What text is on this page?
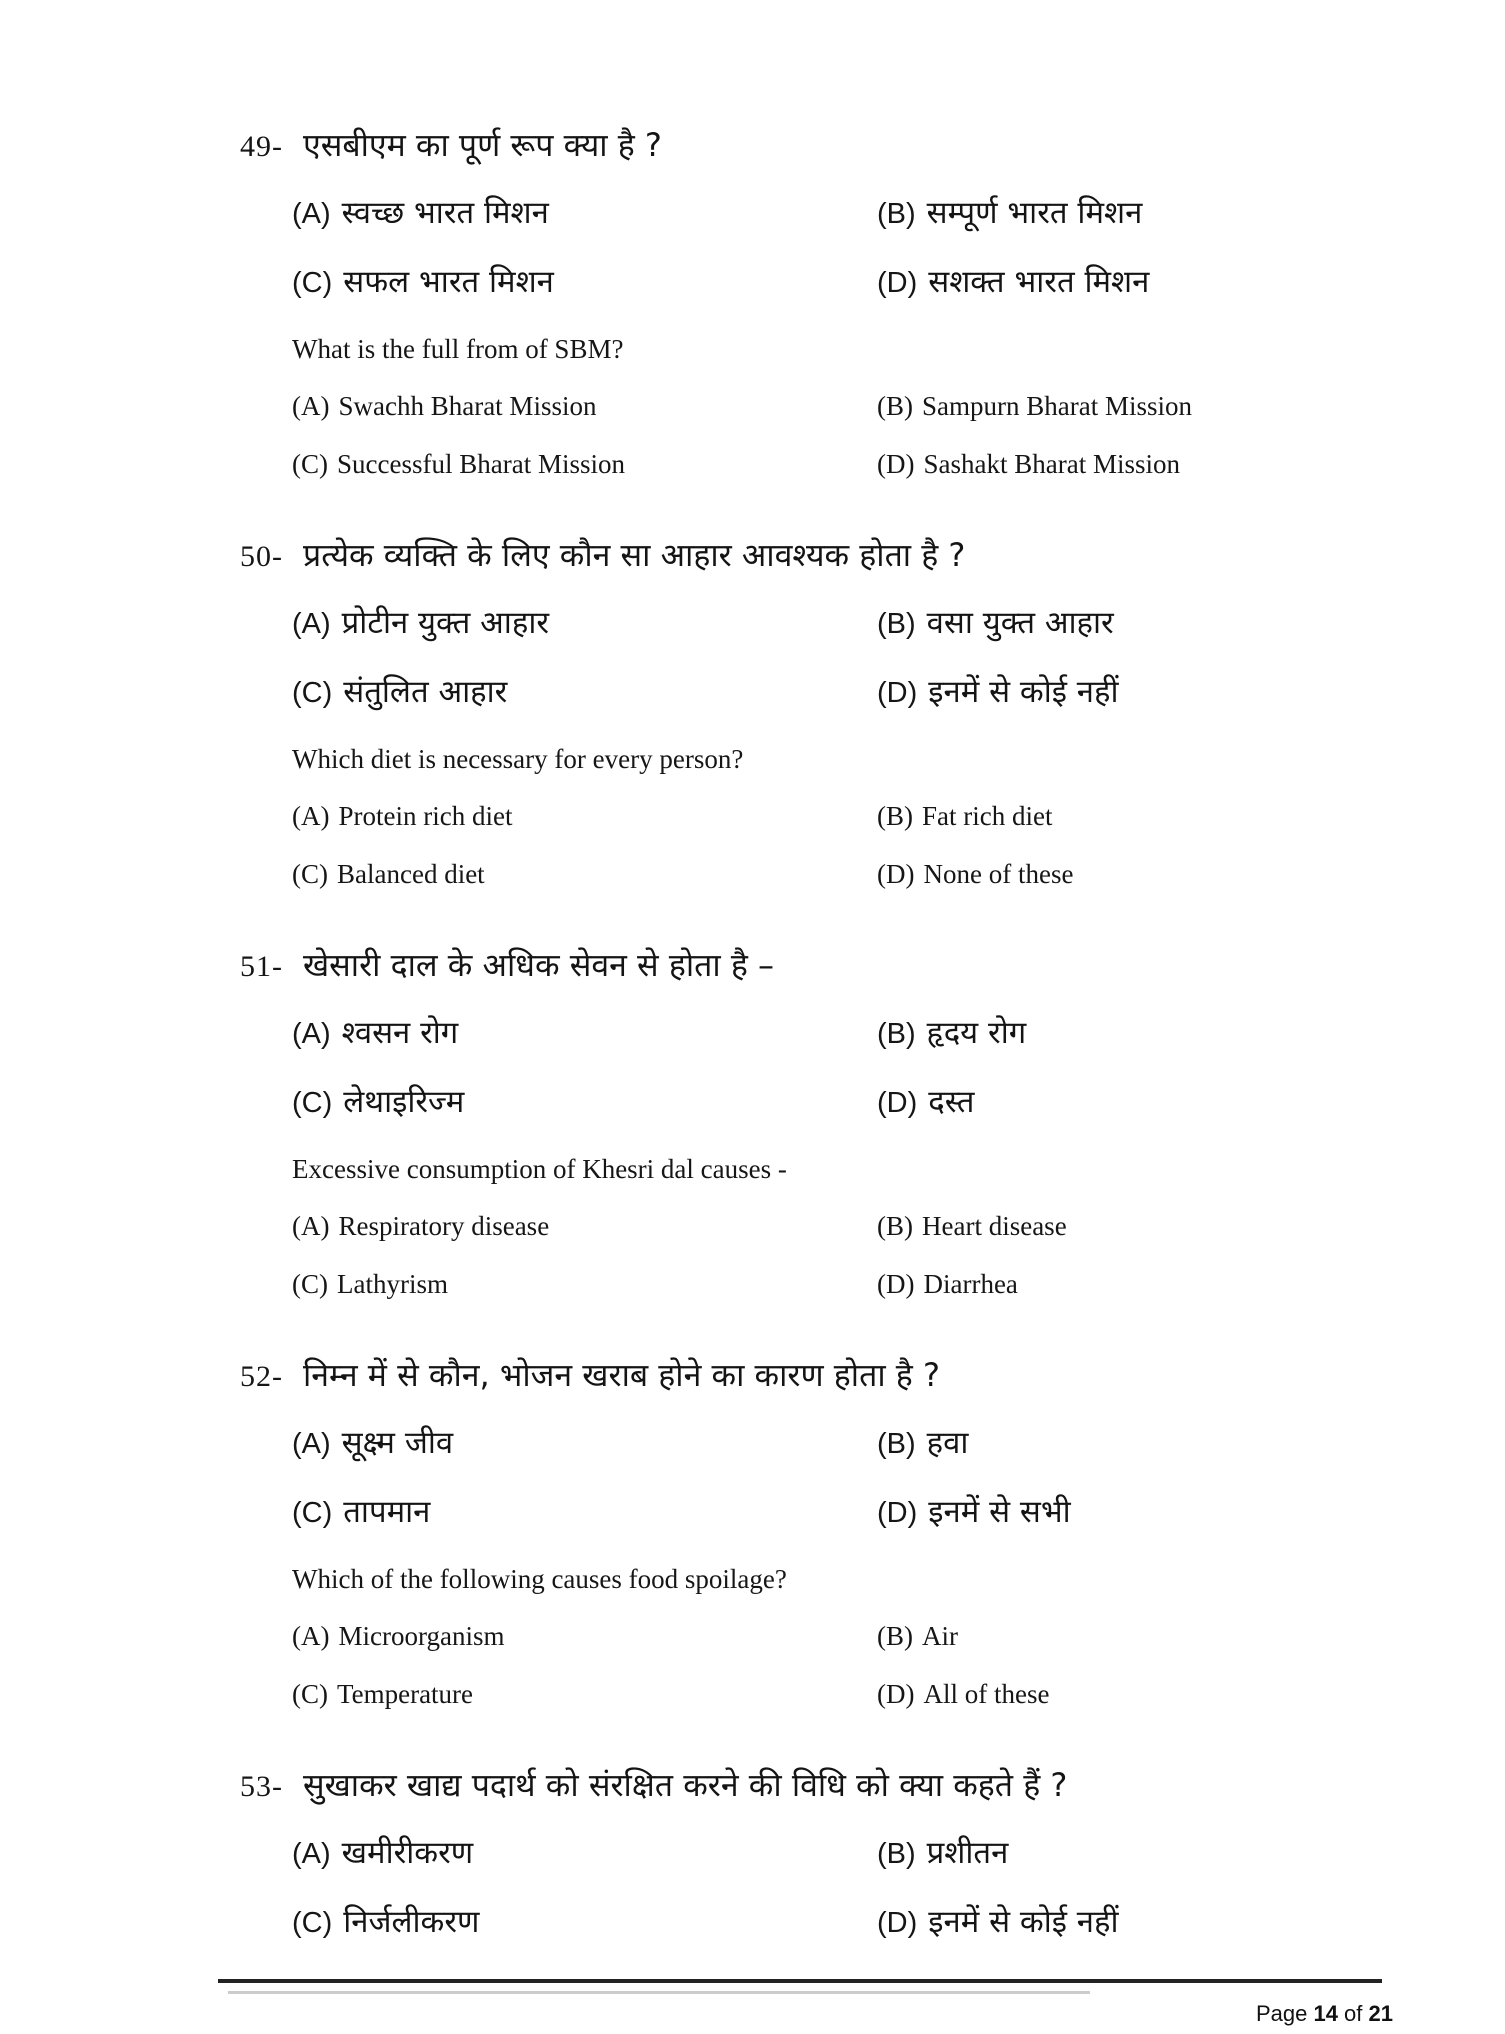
49- एसबीएम का पूर्ण रूप क्या है ?
(A) स्वच्छ भारत मिशन	(B) सम्पूर्ण भारत मिशन
(C) सफल भारत मिशन	(D) सशक्त भारत मिशन
What is the full from of SBM?
(A) Swachh Bharat Mission	(B) Sampurn Bharat Mission
(C) Successful Bharat Mission	(D) Sashakt Bharat Mission
50- प्रत्येक व्यक्ति के लिए कौन सा आहार आवश्यक होता है ?
(A) प्रोटीन युक्त आहार	(B) वसा युक्त आहार
(C) संतुलित आहार	(D) इनमें से कोई नहीं
Which diet is necessary for every person?
(A) Protein rich diet	(B) Fat rich diet
(C) Balanced diet	(D) None of these
51- खेसारी दाल के अधिक सेवन से होता है –
(A) श्वसन रोग	(B) हृदय रोग
(C) लेथाइरिज्म	(D) दस्त
Excessive consumption of Khesri dal causes -
(A) Respiratory disease	(B) Heart disease
(C) Lathyrism	(D) Diarrhea
52- निम्न में से कौन, भोजन खराब होने का कारण होता है ?
(A) सूक्ष्म जीव	(B) हवा
(C) तापमान	(D) इनमें से सभी
Which of the following causes food spoilage?
(A) Microorganism	(B) Air
(C) Temperature	(D) All of these
53- सुखाकर खाद्य पदार्थ को संरक्षित करने की विधि को क्या कहते हैं ?
(A) खमीरीकरण	(B) प्रशीतन
(C) निर्जलीकरण	(D) इनमें से कोई नहीं
Page 14 of 21
